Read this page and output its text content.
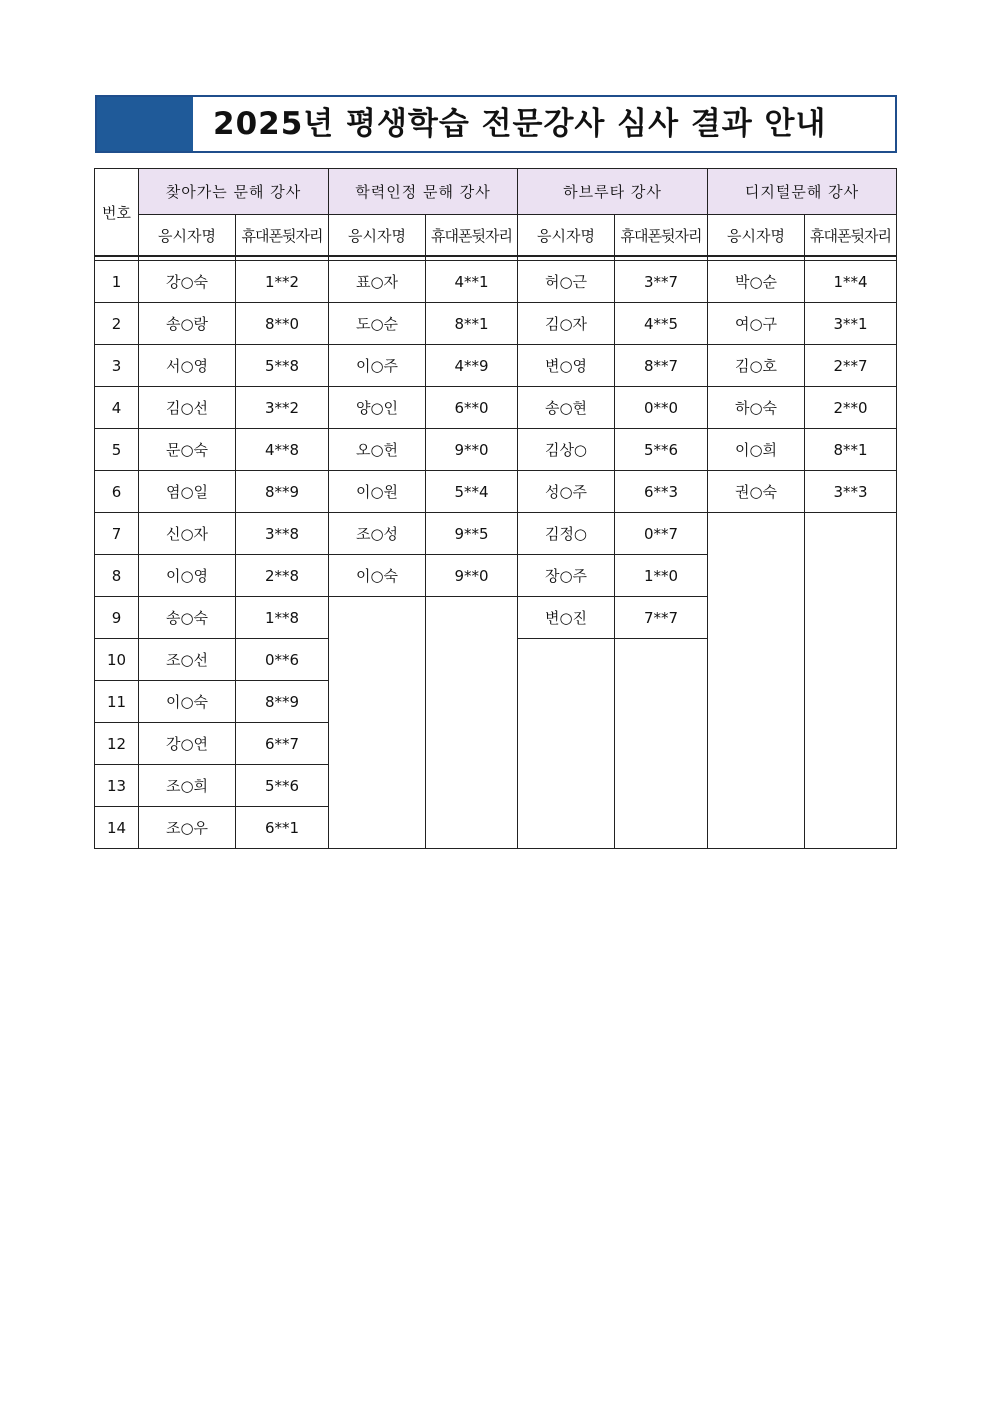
2025년 평생학습 전문강사 심사 결과 안내
번호	찾아가는 문해 강사		학력인정 문해 강사		하브루타 강사		디지털문해 강사	
	응시자명	휴대폰뒷자리	응시자명	휴대폰뒷자리	응시자명	휴대폰뒷자리	응시자명	휴대폰뒷자리

1	강○숙	1**2	표○자	4**1	허○근	3**7	박○순	1**4
2	송○랑	8**0	도○순	8**1	김○자	4**5	여○구	3**1
3	서○영	5**8	이○주	4**9	변○영	8**7	김○호	2**7
4	김○선	3**2	양○인	6**0	송○현	0**0	하○숙	2**0
5	문○숙	4**8	오○헌	9**0	김상○	5**6	이○희	8**1
6	염○일	8**9	이○원	5**4	성○주	6**3	권○숙	3**3
7	신○자	3**8	조○성	9**5	김정○	0**7		
8	이○영	2**8	이○숙	9**0	장○주	1**0		
9	송○숙	1**8			변○진	7**7		
10	조○선	0**6						
11	이○숙	8**9						
12	강○연	6**7						
13	조○희	5**6						
14	조○우	6**1						
